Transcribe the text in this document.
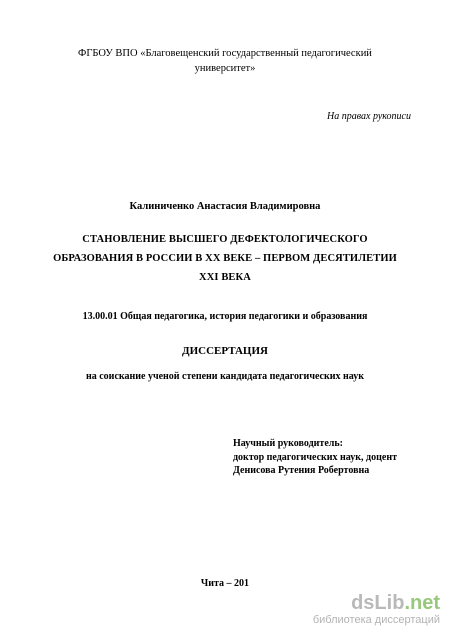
ФГБОУ ВПО «Благовещенский государственный педагогический
университет»
На правах рукописи
Калиниченко Анастасия Владимировна
СТАНОВЛЕНИЕ ВЫСШЕГО ДЕФЕКТОЛОГИЧЕСКОГО
ОБРАЗОВАНИЯ В РОССИИ В XX ВЕКЕ – ПЕРВОМ ДЕСЯТИЛЕТИИ
XXI ВЕКА
13.00.01 Общая педагогика, история педагогики и образования
ДИССЕРТАЦИЯ
на соискание ученой степени кандидата педагогических наук
Научный руководитель:
доктор педагогических наук, доцент
Денисова Рутения Робертовна
Чита – 201
dsLib.net
библиотека диссертаций
